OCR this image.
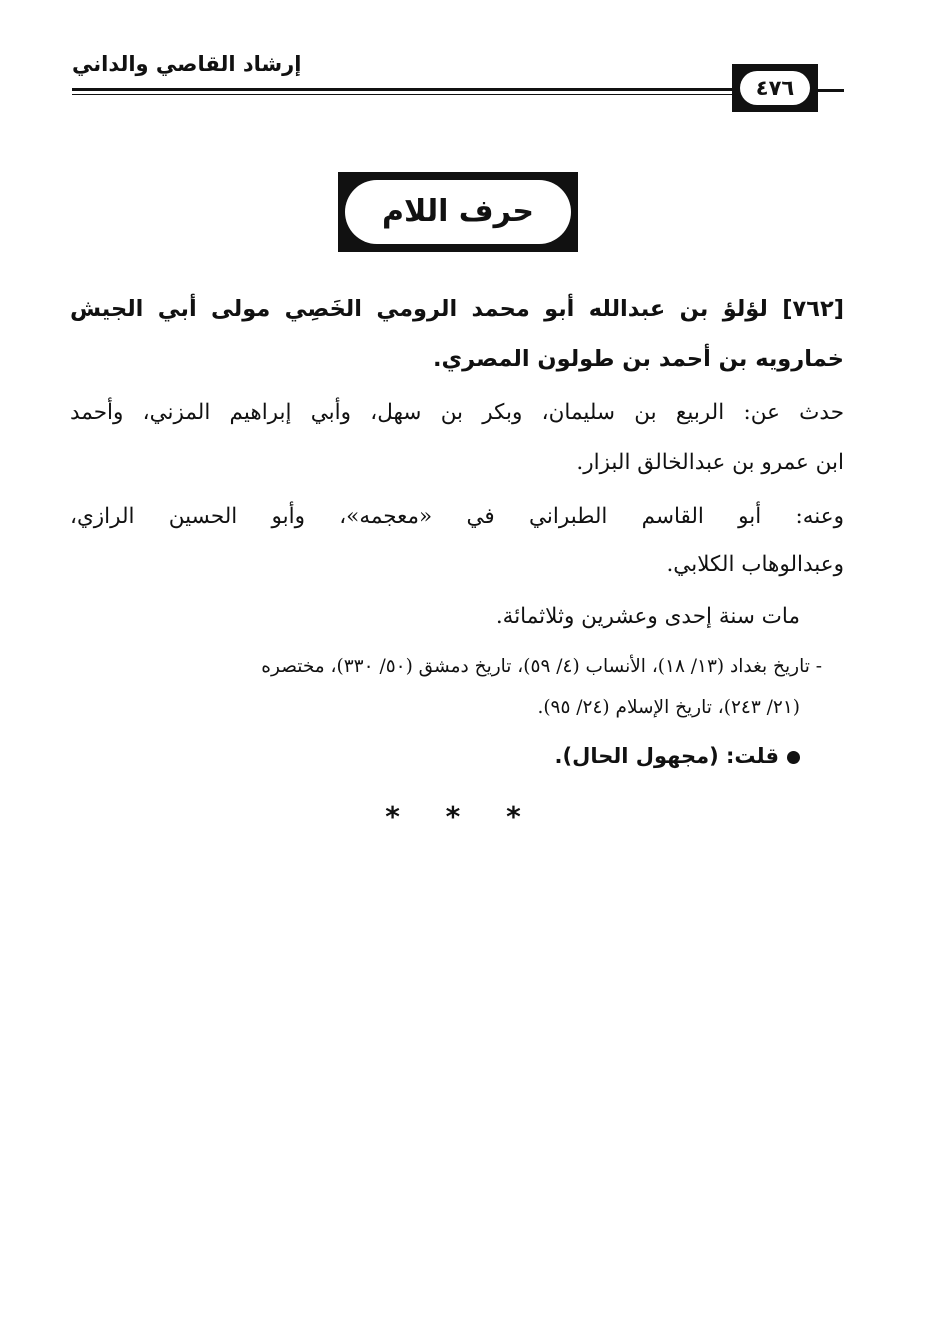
إرشاد القاصي والداني
٤٧٦
حرف اللام

[٧٦٢] لؤلؤ بن عبدالله أبو محمد الرومي الخَصِي مولى أبي الجيش

خمارويه بن أحمد بن طولون المصري.

حدث عن: الربيع بن سليمان، وبكر بن سهل، وأبي إبراهيم المزني، وأحمد

ابن عمرو بن عبدالخالق البزار.

وعنه: أبو القاسم الطبراني في «معجمه»، وأبو الحسين الرازي،

وعبدالوهاب الكلابي.

مات سنة إحدى وعشرين وثلاثمائة.

- تاريخ بغداد (١٣/ ١٨)، الأنساب (٤/ ٥٩)، تاريخ دمشق (٥٠/ ٣٣٠)، مختصره

(٢١/ ٢٤٣)، تاريخ الإسلام (٢٤/ ٩٥).

قلت: (مجهول الحال).

* * *
